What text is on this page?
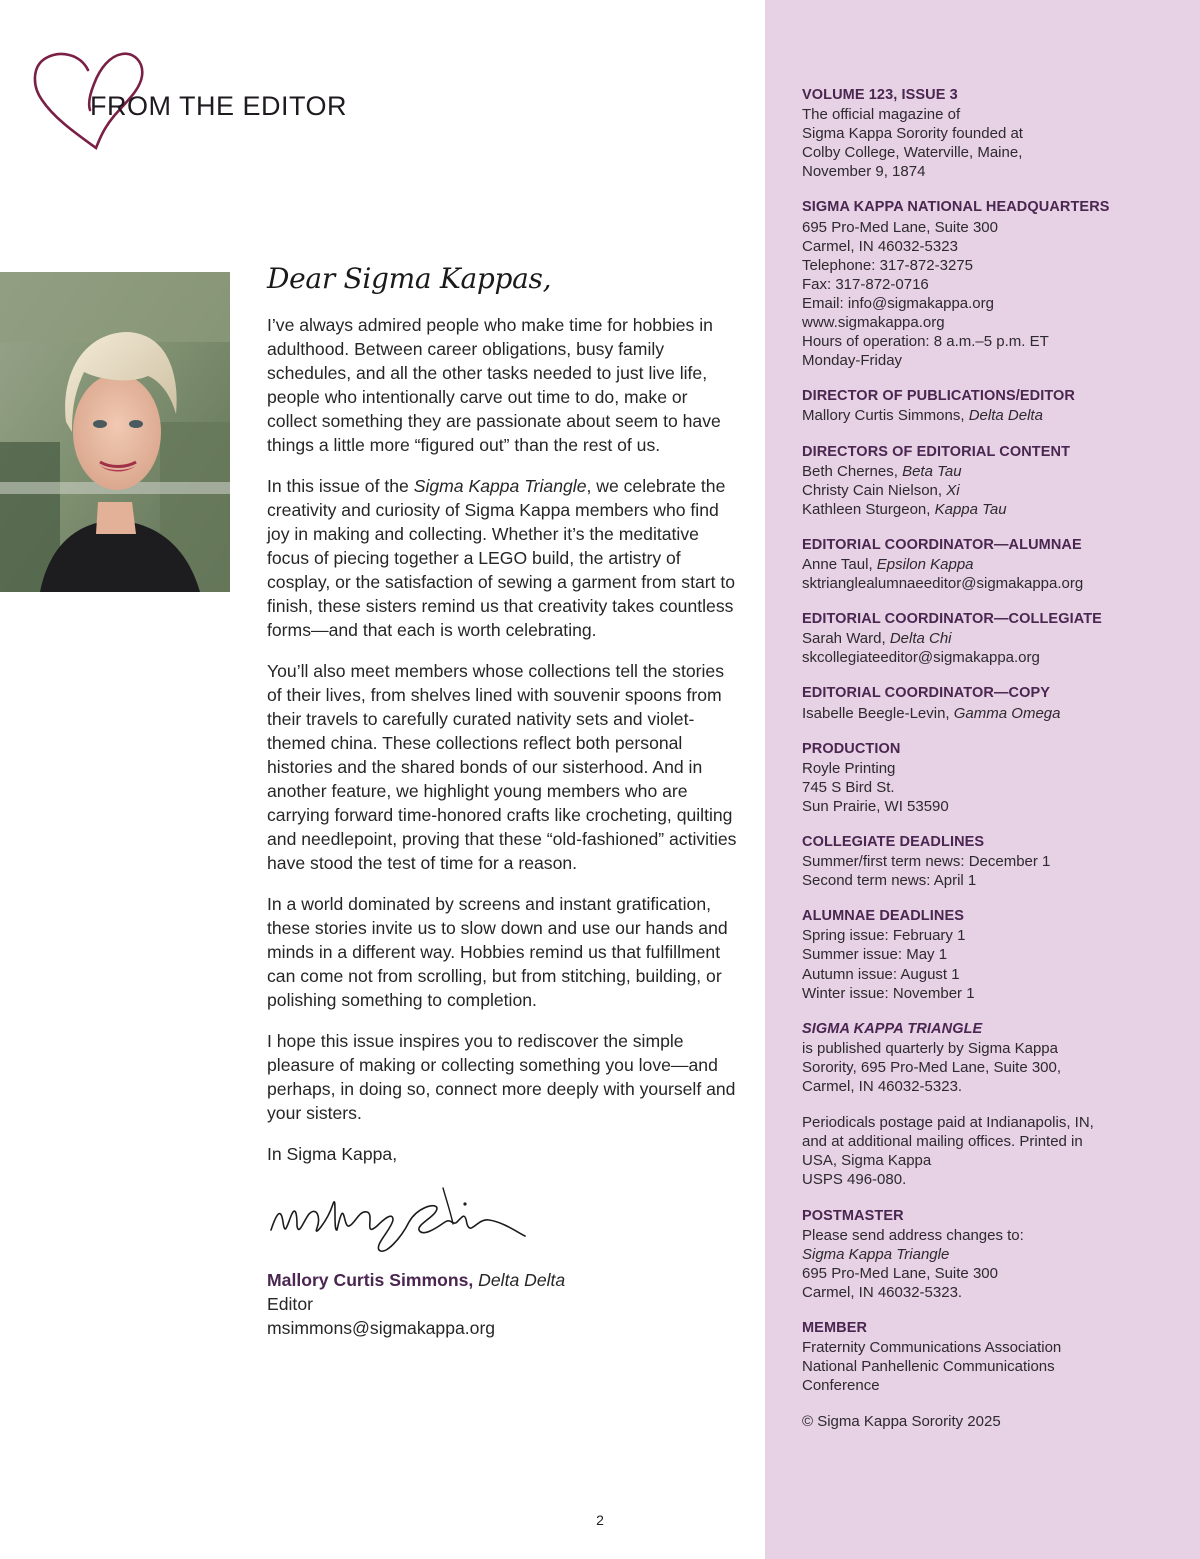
FROM THE EDITOR
Dear Sigma Kappas,
I’ve always admired people who make time for hobbies in adulthood. Between career obligations, busy family schedules, and all the other tasks needed to just live life, people who intentionally carve out time to do, make or collect something they are passionate about seem to have things a little more “figured out” than the rest of us.
In this issue of the Sigma Kappa Triangle, we celebrate the creativity and curiosity of Sigma Kappa members who find joy in making and collecting. Whether it’s the meditative focus of piecing together a LEGO build, the artistry of cosplay, or the satisfaction of sewing a garment from start to finish, these sisters remind us that creativity takes countless forms—and that each is worth celebrating.
You’ll also meet members whose collections tell the stories of their lives, from shelves lined with souvenir spoons from their travels to carefully curated nativity sets and violet-themed china. These collections reflect both personal histories and the shared bonds of our sisterhood. And in another feature, we highlight young members who are carrying forward time-honored crafts like crocheting, quilting and needlepoint, proving that these “old-fashioned” activities have stood the test of time for a reason.
In a world dominated by screens and instant gratification, these stories invite us to slow down and use our hands and minds in a different way. Hobbies remind us that fulfillment can come not from scrolling, but from stitching, building, or polishing something to completion.
I hope this issue inspires you to rediscover the simple pleasure of making or collecting something you love—and perhaps, in doing so, connect more deeply with yourself and your sisters.
In Sigma Kappa,
Mallory Curtis Simmons, Delta Delta
Editor
msimmons@sigmakappa.org
VOLUME 123, ISSUE 3
The official magazine of
Sigma Kappa Sorority founded at
Colby College, Waterville, Maine,
November 9, 1874
SIGMA KAPPA NATIONAL HEADQUARTERS
695 Pro-Med Lane, Suite 300
Carmel, IN 46032-5323
Telephone: 317-872-3275
Fax: 317-872-0716
Email: info@sigmakappa.org
www.sigmakappa.org
Hours of operation: 8 a.m.–5 p.m. ET
Monday-Friday
DIRECTOR OF PUBLICATIONS/EDITOR
Mallory Curtis Simmons, Delta Delta
DIRECTORS OF EDITORIAL CONTENT
Beth Chernes, Beta Tau
Christy Cain Nielson, Xi
Kathleen Sturgeon, Kappa Tau
EDITORIAL COORDINATOR—ALUMNAE
Anne Taul, Epsilon Kappa
sktrianglealumnaeeditor@sigmakappa.org
EDITORIAL COORDINATOR—COLLEGIATE
Sarah Ward, Delta Chi
skcollegiateeditor@sigmakappa.org
EDITORIAL COORDINATOR—COPY
Isabelle Beegle-Levin, Gamma Omega
PRODUCTION
Royle Printing
745 S Bird St.
Sun Prairie, WI 53590
COLLEGIATE DEADLINES
Summer/first term news: December 1
Second term news: April 1
ALUMNAE DEADLINES
Spring issue: February 1
Summer issue: May 1
Autumn issue: August 1
Winter issue: November 1
SIGMA KAPPA TRIANGLE
is published quarterly by Sigma Kappa
Sorority, 695 Pro-Med Lane, Suite 300,
Carmel, IN 46032-5323.
Periodicals postage paid at Indianapolis, IN,
and at additional mailing offices. Printed in
USA, Sigma Kappa
USPS 496-080.
POSTMASTER
Please send address changes to:
Sigma Kappa Triangle
695 Pro-Med Lane, Suite 300
Carmel, IN 46032-5323.
MEMBER
Fraternity Communications Association
National Panhellenic Communications
Conference
© Sigma Kappa Sorority 2025
2
